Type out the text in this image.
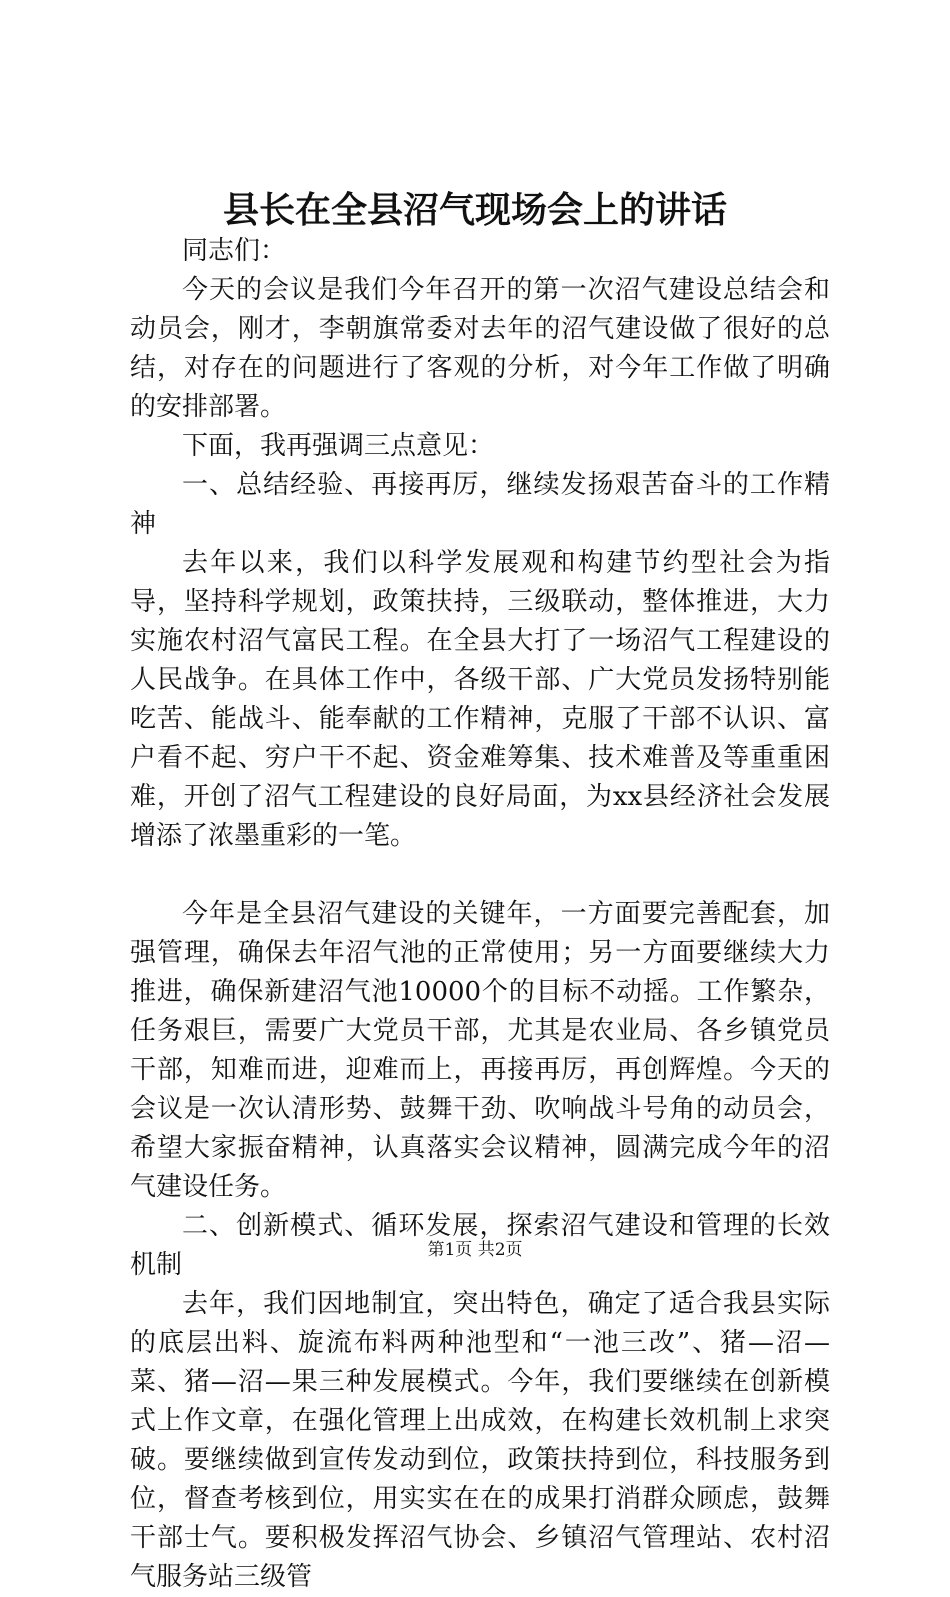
县长在全县沼气现场会上的讲话

同志们：

今天的会议是我们今年召开的第一次沼气建设总结会和动员会，刚才，李朝旗常委对去年的沼气建设做了很好的总结，对存在的问题进行了客观的分析，对今年工作做了明确的安排部署。

下面，我再强调三点意见：

一、总结经验、再接再厉，继续发扬艰苦奋斗的工作精神

去年以来，我们以科学发展观和构建节约型社会为指导，坚持科学规划，政策扶持，三级联动，整体推进，大力实施农村沼气富民工程。在全县大打了一场沼气工程建设的人民战争。在具体工作中，各级干部、广大党员发扬特别能吃苦、能战斗、能奉献的工作精神，克服了干部不认识、富户看不起、穷户干不起、资金难筹集、技术难普及等重重困难，开创了沼气工程建设的良好局面，为xx县经济社会发展增添了浓墨重彩的一笔。

今年是全县沼气建设的关键年，一方面要完善配套，加强管理，确保去年沼气池的正常使用；另一方面要继续大力推进，确保新建沼气池10000个的目标不动摇。工作繁杂，任务艰巨，需要广大党员干部，尤其是农业局、各乡镇党员干部，知难而进，迎难而上，再接再厉，再创辉煌。今天的会议是一次认清形势、鼓舞干劲、吹响战斗号角的动员会，希望大家振奋精神，认真落实会议精神，圆满完成今年的沼气建设任务。

二、创新模式、循环发展，探索沼气建设和管理的长效机制

去年，我们因地制宜，突出特色，确定了适合我县实际的底层出料、旋流布料两种池型和“一池三改”、猪—沼—菜、猪—沼—果三种发展模式。今年，我们要继续在创新模式上作文章，在强化管理上出成效，在构建长效机制上求突破。要继续做到宣传发动到位，政策扶持到位，科技服务到位，督查考核到位，用实实在在的成果打消群众顾虑，鼓舞干部士气。要积极发挥沼气协会、乡镇沼气管理站、农村沼气服务站三级管

第1页 共2页
